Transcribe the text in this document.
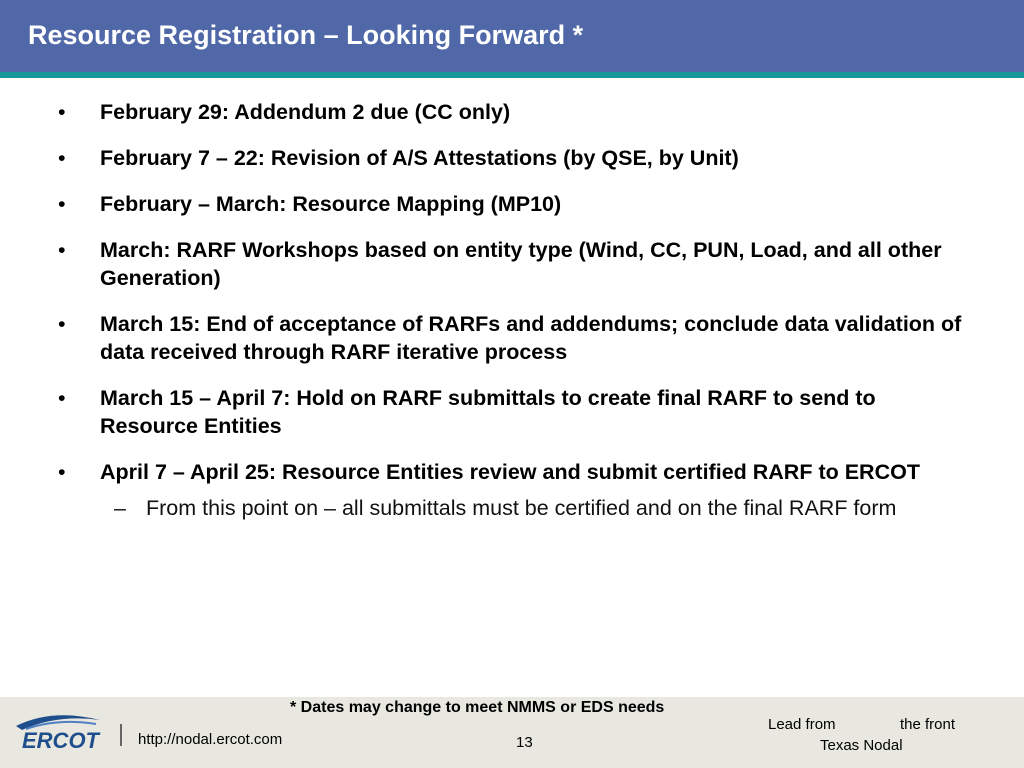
Resource Registration – Looking Forward *
•	February 29: Addendum 2 due (CC only)
•	February 7 – 22: Revision of A/S Attestations (by QSE, by Unit)
•	February – March: Resource Mapping (MP10)
•	March: RARF Workshops based on entity type (Wind, CC, PUN, Load, and all other Generation)
•	March 15: End of acceptance of RARFs and addendums; conclude data validation of data received through RARF iterative process
•	March 15 – April 7: Hold on RARF submittals to create final RARF to send to Resource Entities
•	April 7 – April 25: Resource Entities review and submit certified RARF to ERCOT
– From this point on – all submittals must be certified and on the final RARF form
* Dates may change to meet NMMS or EDS needs
ERCOT	http://nodal.ercot.com	13
Lead from	the front
Texas Nodal
